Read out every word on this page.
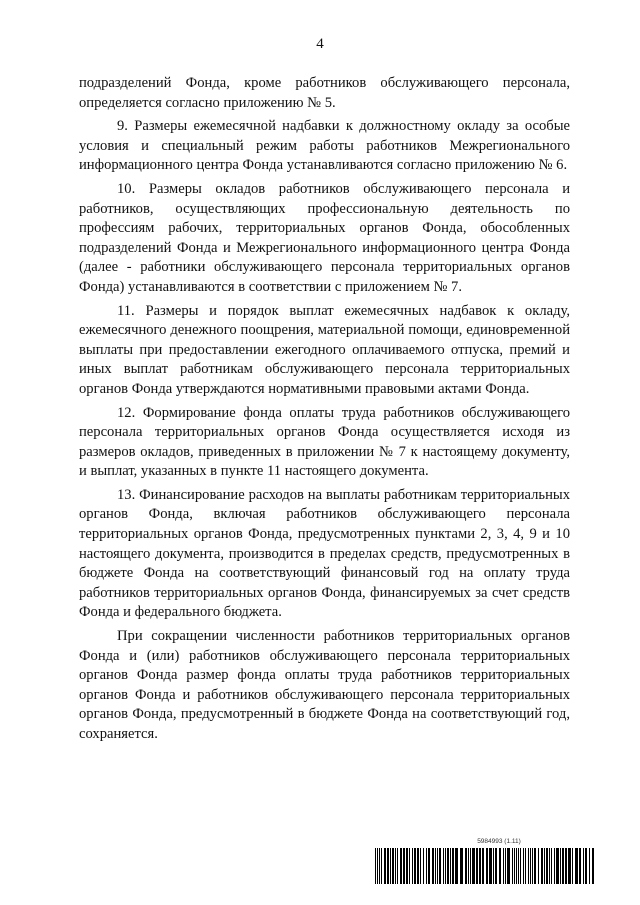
4

подразделений Фонда, кроме работников обслуживающего персонала, определяется согласно приложению № 5.

9. Размеры ежемесячной надбавки к должностному окладу за особые условия и специальный режим работы работников Межрегионального информационного центра Фонда устанавливаются согласно приложению № 6.

10. Размеры окладов работников обслуживающего персонала и работников, осуществляющих профессиональную деятельность по профессиям рабочих, территориальных органов Фонда, обособленных подразделений Фонда и Межрегионального информационного центра Фонда (далее - работники обслуживающего персонала территориальных органов Фонда) устанавливаются в соответствии с приложением № 7.

11. Размеры и порядок выплат ежемесячных надбавок к окладу, ежемесячного денежного поощрения, материальной помощи, единовременной выплаты при предоставлении ежегодного оплачиваемого отпуска, премий и иных выплат работникам обслуживающего персонала территориальных органов Фонда утверждаются нормативными правовыми актами Фонда.

12. Формирование фонда оплаты труда работников обслуживающего персонала территориальных органов Фонда осуществляется исходя из размеров окладов, приведенных в приложении № 7 к настоящему документу, и выплат, указанных в пункте 11 настоящего документа.

13. Финансирование расходов на выплаты работникам территориальных органов Фонда, включая работников обслуживающего персонала территориальных органов Фонда, предусмотренных пунктами 2, 3, 4, 9 и 10 настоящего документа, производится в пределах средств, предусмотренных в бюджете Фонда на соответствующий финансовый год на оплату труда работников территориальных органов Фонда, финансируемых за счет средств Фонда и федерального бюджета.

При сокращении численности работников территориальных органов Фонда и (или) работников обслуживающего персонала территориальных органов Фонда размер фонда оплаты труда работников территориальных органов Фонда и работников обслуживающего персонала территориальных органов Фонда, предусмотренный в бюджете Фонда на соответствующий год, сохраняется.

5984993 (1.11)
